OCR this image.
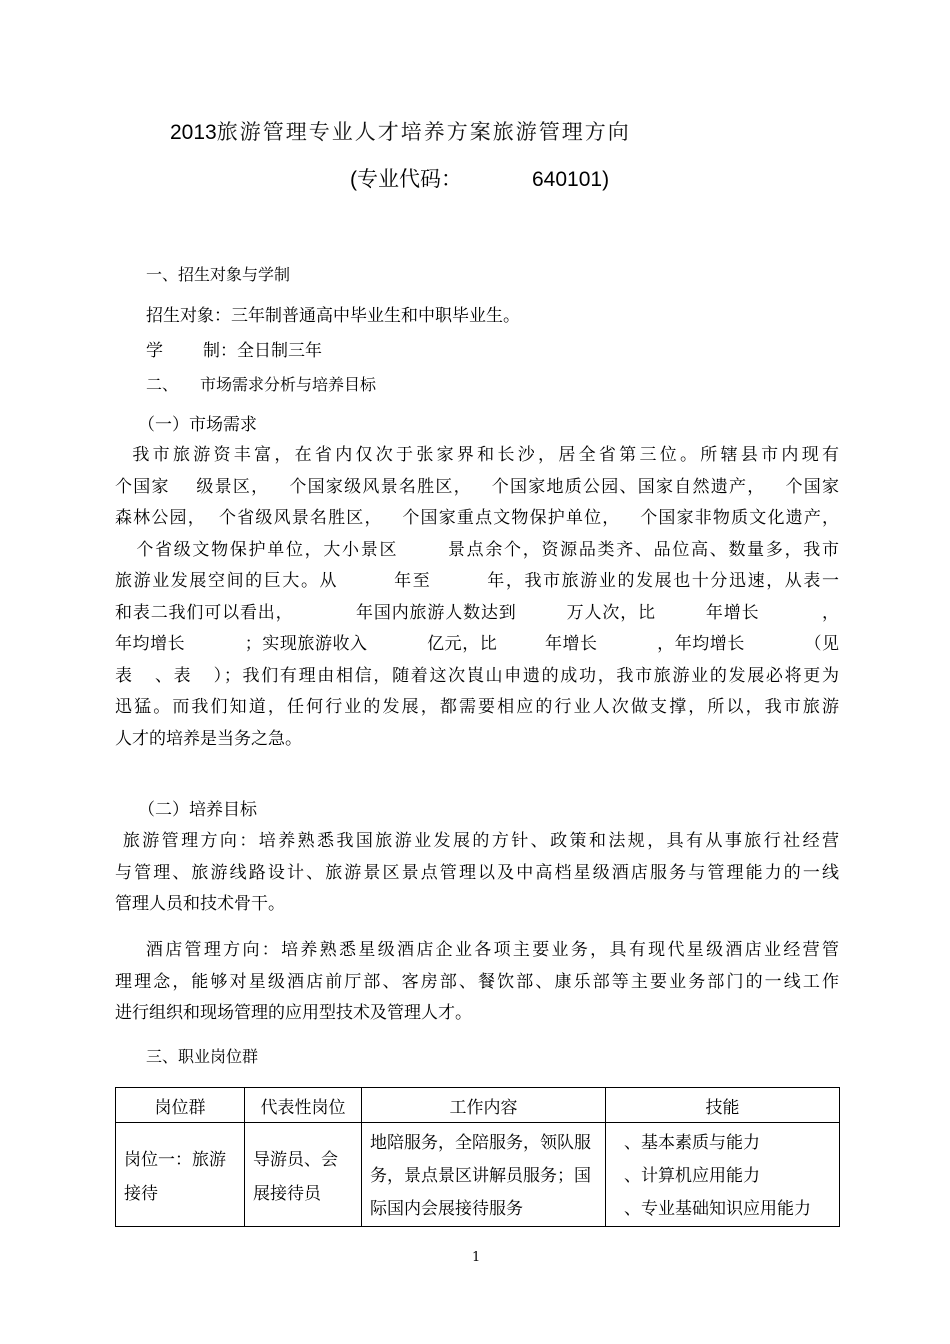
2013旅游管理专业人才培养方案旅游管理方向
(专业代码：	640101)
一、招生对象与学制
招生对象：三年制普通高中毕业生和中职毕业生。
学 制：全日制三年
二、 市场需求分析与培养目标
（一）市场需求
我市旅游资丰富，在省内仅次于张家界和长沙，居全省第三位。所辖县市内现有
个国家    级景区，   个国家级风景名胜区，   个国家地质公园、国家自然遗产，   个国家
森林公园，  个省级风景名胜区，   个国家重点文物保护单位，   个国家非物质文化遗产，
个省级文物保护单位，大小景区       景点余个，资源品类齐、品位高、数量多，我市
旅游业发展空间的巨大。从        年至        年，我市旅游业的发展也十分迅速，从表一
和表二我们可以看出，          年国内旅游人数达到        万人次，比        年增长          ，
年均增长          ；实现旅游收入          亿元，比        年增长          ，年均增长          （见
表   、表   ）；我们有理由相信，随着这次崀山申遗的成功，我市旅游业的发展必将更为
迅猛。而我们知道，任何行业的发展，都需要相应的行业人次做支撑，所以，我市旅游
人才的培养是当务之急。
（二）培养目标
旅游管理方向：培养熟悉我国旅游业发展的方针、政策和法规，具有从事旅行社经营
与管理、旅游线路设计、旅游景区景点管理以及中高档星级酒店服务与管理能力的一线
管理人员和技术骨干。
酒店管理方向：培养熟悉星级酒店企业各项主要业务，具有现代星级酒店业经营管
理理念，能够对星级酒店前厅部、客房部、餐饮部、康乐部等主要业务部门的一线工作
进行组织和现场管理的应用型技术及管理人才。
三、职业岗位群
岗位群	代表性岗位	工作内容	技能

岗位一：旅游接待	导游员、会展接待员	地陪服务，全陪服务，领队服务，景点景区讲解员服务；国际国内会展接待服务	、基本素质与能力
、计算机应用能力
、专业基础知识应用能力
1
